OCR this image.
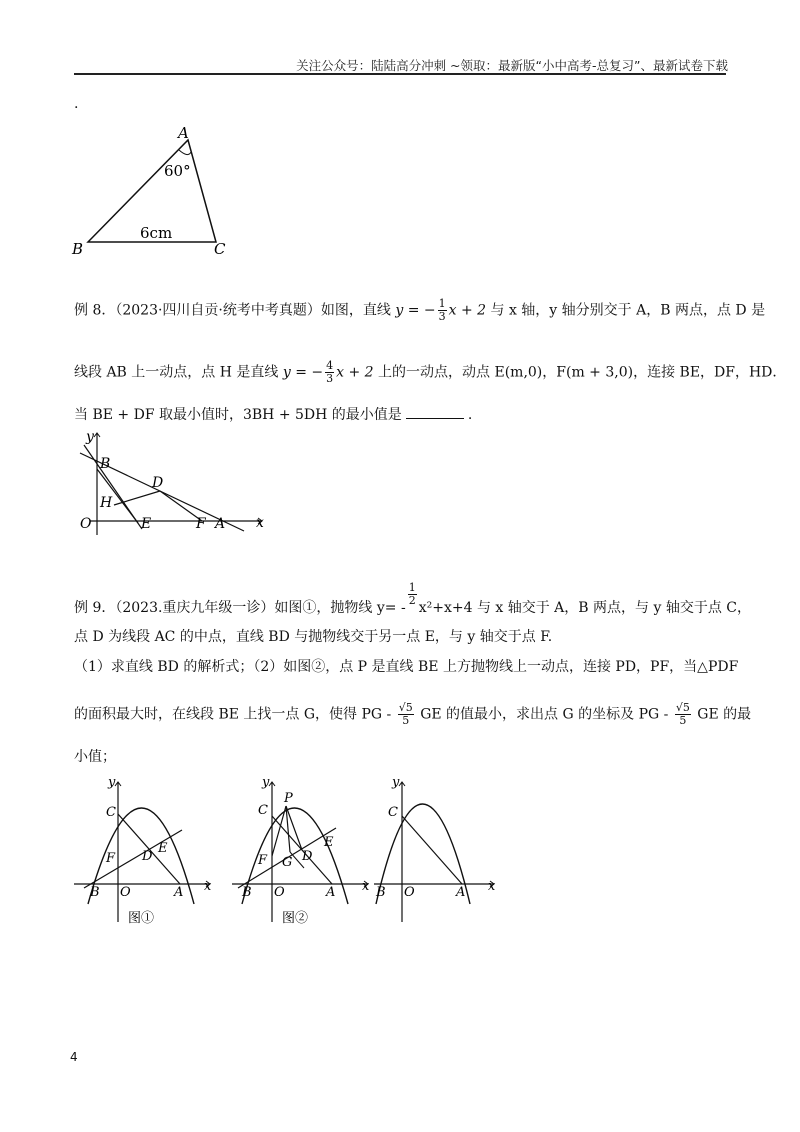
关注公众号：陆陆高分冲刺 ~领取：最新版“小中高考-总复习”、最新试卷下载
.
A
60°
6cm
B	C
例 8．（2023·四川自贡·统考中考真题）如图，直线 y = − $\frac{1}{3}$ x + 2 与 x 轴，y 轴分别交于 A，B 两点，点 D 是
线段 AB 上一动点，点 H 是直线 y = − $\frac{4}{3}$ x + 2 上的一动点，动点 E(m,0)，F(m + 3,0)，连接 BE，DF，HD．
当 BE + DF 取最小值时，3BH + 5DH 的最小值是	.
y
x
B
D
H
O	E	F A
例 9．（2023.重庆九年级一诊）如图①，抛物线 y= -
$\frac{1}{2}$
x²+x+4 与 x 轴交于 A，B 两点，与 y 轴交于点 C，
点 D 为线段 AC 的中点，直线 BD 与抛物线交于另一点 E，与 y 轴交于点 F.
（1）求直线 BD 的解析式；（2）如图②，点 P 是直线 BE 上方抛物线上一动点，连接 PD，PF，当△PDF
的面积最大时，在线段 BE 上找一点 G，使得 PG - $\frac{√5}{5}$ GE 的值最小，求出点 G 的坐标及 PG - $\frac{√5}{5}$ GE 的最
小值；
y
x
C
E
D
F
B O	A
图①
y
x
C
P
E
D
G
F
B O	A
图②
y
x
C
B O	A
4
